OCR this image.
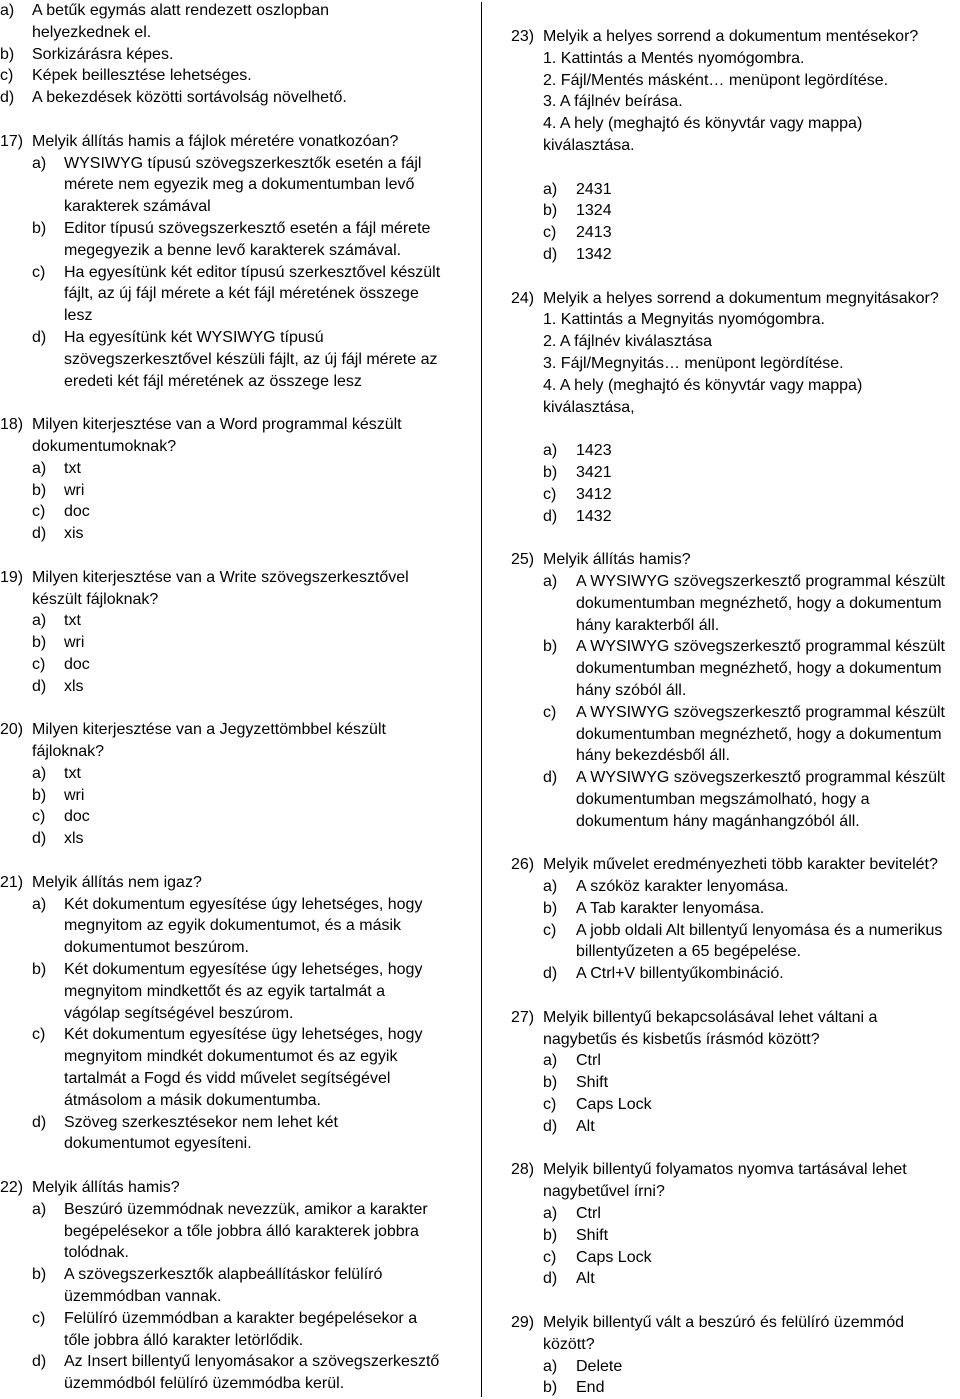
a)	A betűk egymás alatt rendezett oszlopban
helyezkednek el.
b)	Sorkizárásra képes.
c)	Képek beillesztése lehetséges.
d)	A bekezdések közötti sortávolság növelhető.
17) Melyik állítás hamis a fájlok méretére vonatkozóan?
a)	WYSIWYG típusú szövegszerkesztők esetén a fájl
mérete nem egyezik meg a dokumentumban levő
karakterek számával
b)	Editor típusú szövegszerkesztő esetén a fájl mérete
megegyezik a benne levő karakterek számával.
c)	Ha egyesítünk két editor típusú szerkesztővel készült
fájlt, az új fájl mérete a két fájl méretének összege
lesz
d)	Ha egyesítünk két WYSIWYG típusú
szövegszerkesztővel készüli fájlt, az új fájl mérete az
eredeti két fájl méretének az összege lesz
18) Milyen kiterjesztése van a Word programmal készült
dokumentumoknak?
a)	txt
b)	wri
c)	doc
d)	xis
19) Milyen kiterjesztése van a Write szövegszerkesztővel
készült fájloknak?
a)	txt
b)	wri
c)	doc
d)	xls
20) Milyen kiterjesztése van a Jegyzettömbbel készült
fájloknak?
a)	txt
b)	wri
c)	doc
d)	xls
21) Melyik állítás nem igaz?
a)	Két dokumentum egyesítése úgy lehetséges, hogy
megnyitom az egyik dokumentumot, és a másik
dokumentumot beszúrom.
b)	Két dokumentum egyesítése úgy lehetséges, hogy
megnyitom mindkettőt és az egyik tartalmát a
vágólap segítségével beszúrom.
c)	Két dokumentum egyesítése ügy lehetséges, hogy
megnyitom mindkét dokumentumot és az egyik
tartalmát a Fogd és vidd művelet segítségével
átmásolom a másik dokumentumba.
d)	Szöveg szerkesztésekor nem lehet két
dokumentumot egyesíteni.
22) Melyik állítás hamis?
a)	Beszúró üzemmódnak nevezzük, amikor a karakter
begépelésekor a tőle jobbra álló karakterek jobbra
tolódnak.
b)	A szövegszerkesztők alapbeállításkor felülíró
üzemmódban vannak.
c)	Felülíró üzemmódban a karakter begépelésekor a
tőle jobbra álló karakter letörlődik.
d)	Az Insert billentyű lenyomásakor a szövegszerkesztő
üzemmódból felülíró üzemmódba kerül.
23) Melyik a helyes sorrend a dokumentum mentésekor?
1. Kattintás a Mentés nyomógombra.
2. Fájl/Mentés másként… menüpont legördítése.
3. A fájlnév beírása.
4. A hely (meghajtó és könyvtár vagy mappa)
kiválasztása.
a)	2431
b)	1324
c)	2413
d)	1342
24) Melyik a helyes sorrend a dokumentum megnyitásakor?
1. Kattintás a Megnyitás nyomógombra.
2. A fájlnév kiválasztása
3. Fájl/Megnyitás… menüpont legördítése.
4. A hely (meghajtó és könyvtár vagy mappa)
kiválasztása,
a)	1423
b)	3421
c)	3412
d)	1432
25) Melyik állítás hamis?
a)	A WYSIWYG szövegszerkesztő programmal készült
dokumentumban megnézhető, hogy a dokumentum
hány karakterből áll.
b)	A WYSIWYG szövegszerkesztő programmal készült
dokumentumban megnézhető, hogy a dokumentum
hány szóból áll.
c)	A WYSIWYG szövegszerkesztő programmal készült
dokumentumban megnézhető, hogy a dokumentum
hány bekezdésből áll.
d)	A WYSIWYG szövegszerkesztő programmal készült
dokumentumban megszámolható, hogy a
dokumentum hány magánhangzóból áll.
26) Melyik művelet eredményezheti több karakter bevitelét?
a)	A szóköz karakter lenyomása.
b)	A Tab karakter lenyomása.
c)	A jobb oldali Alt billentyű lenyomása és a numerikus
billentyűzeten a 65 begépelése.
d)	A Ctrl+V billentyűkombináció.
27) Melyik billentyű bekapcsolásával lehet váltani a
nagybetűs és kisbetűs írásmód között?
a)	Ctrl
b)	Shift
c)	Caps Lock
d)	Alt
28) Melyik billentyű folyamatos nyomva tartásával lehet
nagybetűvel írni?
a)	Ctrl
b)	Shift
c)	Caps Lock
d)	Alt
29) Melyik billentyű vált a beszúró és felülíró üzemmód
között?
a)	Delete
b)	End
